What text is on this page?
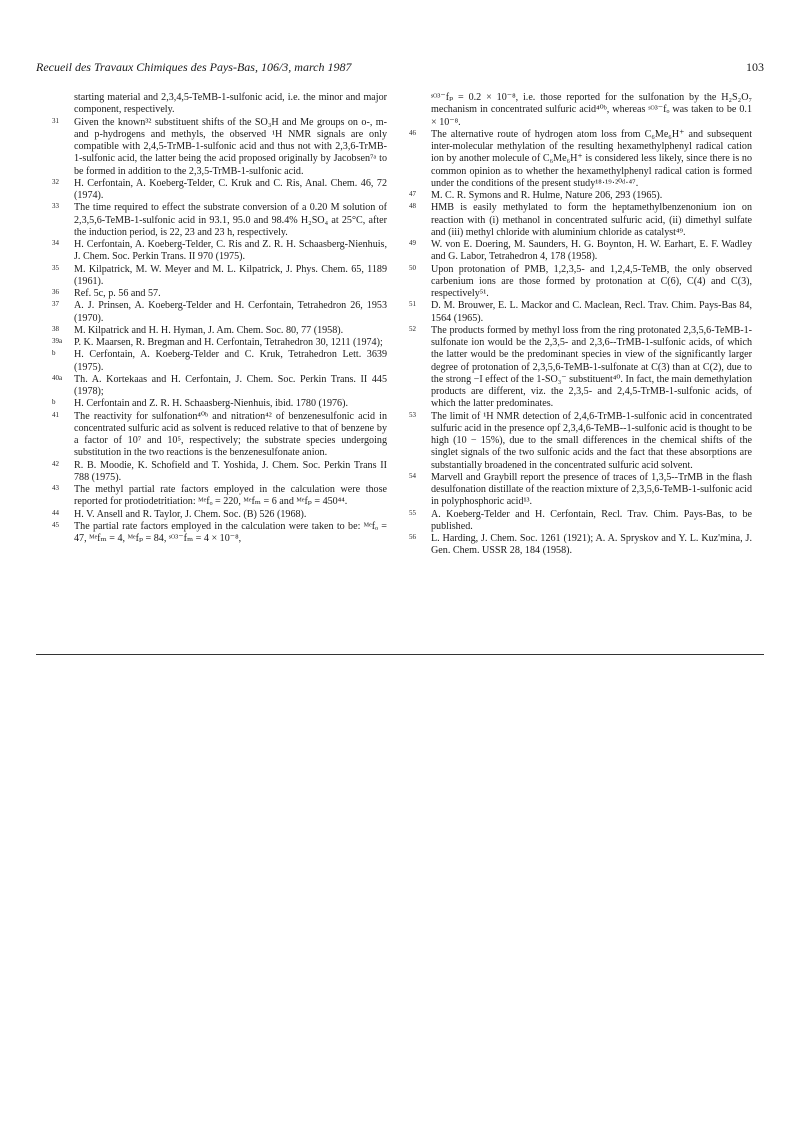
Recueil des Travaux Chimiques des Pays-Bas, 106/3, march 1987	103
starting material and 2,3,4,5-TeMB-1-sulfonic acid, i.e. the minor and major component, respectively.
31	Given the known³² substituent shifts of the SO₃H and Me groups on o-, m- and p-hydrogens and methyls, the observed ¹H NMR signals are only compatible with 2,4,5-TrMB-1-sulfonic acid and thus not with 2,3,6-TrMB-1-sulfonic acid, the latter being the acid proposed originally by Jacobsen⁷ᵃ to be formed in addition to the 2,3,5-TrMB-1-sulfonic acid.
32	H. Cerfontain, A. Koeberg-Telder, C. Kruk and C. Ris, Anal. Chem. 46, 72 (1974).
33	The time required to effect the substrate conversion of a 0.20 M solution of 2,3,5,6-TeMB-1-sulfonic acid in 93.1, 95.0 and 98.4% H₂SO₄ at 25°C, after the induction period, is 22, 23 and 23 h, respectively.
34	H. Cerfontain, A. Koeberg-Telder, C. Ris and Z. R. H. Schaasberg-Nienhuis, J. Chem. Soc. Perkin Trans. II 970 (1975).
35	M. Kilpatrick, M. W. Meyer and M. L. Kilpatrick, J. Phys. Chem. 65, 1189 (1961).
36	Ref. 5c, p. 56 and 57.
37	A. J. Prinsen, A. Koeberg-Telder and H. Cerfontain, Tetrahedron 26, 1953 (1970).
38	M. Kilpatrick and H. H. Hyman, J. Am. Chem. Soc. 80, 77 (1958).
39a	P. K. Maarsen, R. Bregman and H. Cerfontain, Tetrahedron 30, 1211 (1974);
b	H. Cerfontain, A. Koeberg-Telder and C. Kruk, Tetrahedron Lett. 3639 (1975).
40a	Th. A. Kortekaas and H. Cerfontain, J. Chem. Soc. Perkin Trans. II 445 (1978);
b	H. Cerfontain and Z. R. H. Schaasberg-Nienhuis, ibid. 1780 (1976).
41	The reactivity for sulfonation⁴⁰ᵇ and nitration⁴² of benzenesulfonic acid in concentrated sulfuric acid as solvent is reduced relative to that of benzene by a factor of 10⁷ and 10⁵, respectively; the substrate species undergoing substitution in the two reactions is the benzenesulfonate anion.
42	R. B. Moodie, K. Schofield and T. Yoshida, J. Chem. Soc. Perkin Trans II 788 (1975).
43	The methyl partial rate factors employed in the calculation were those reported for protiodetritiation: ᴹᵉfₒ = 220, ᴹᵉfₘ = 6 and ᴹᵉfₚ = 450⁴⁴.
44	H. V. Ansell and R. Taylor, J. Chem. Soc. (B) 526 (1968).
45	The partial rate factors employed in the calculation were taken to be: ᴹᵉfₒ = 47, ᴹᵉfₘ = 4, ᴹᵉfₚ = 84, ˢᴼ³⁻fₘ = 4 × 10⁻⁸,
ˢᴼ³⁻fₚ = 0.2 × 10⁻⁸, i.e. those reported for the sulfonation by the H₂S₂O₇ mechanism in concentrated sulfuric acid⁴⁰ᵇ, whereas ˢᴼ³⁻fₒ was taken to be 0.1 × 10⁻⁸.
46	The alternative route of hydrogen atom loss from C₆Me₆H⁺ and subsequent inter-molecular methylation of the resulting hexamethylphenyl radical cation ion by another molecule of C₆Me₆H⁺ is considered less likely, since there is no common opinion as to whether the hexamethylphenyl radical cation is formed under the conditions of the present study¹⁸·¹⁹·²⁰ᵈ·⁴⁷.
47	M. C. R. Symons and R. Hulme, Nature 206, 293 (1965).
48	HMB is easily methylated to form the heptamethylbenzenonium ion on reaction with (i) methanol in concentrated sulfuric acid, (ii) dimethyl sulfate and (iii) methyl chloride with aluminium chloride as catalyst⁴⁹.
49	W. von E. Doering, M. Saunders, H. G. Boynton, H. W. Earhart, E. F. Wadley and G. Labor, Tetrahedron 4, 178 (1958).
50	Upon protonation of PMB, 1,2,3,5- and 1,2,4,5-TeMB, the only observed carbenium ions are those formed by protonation at C(6), C(4) and C(3), respectively⁵¹.
51	D. M. Brouwer, E. L. Mackor and C. Maclean, Recl. Trav. Chim. Pays-Bas 84, 1564 (1965).
52	The products formed by methyl loss from the ring protonated 2,3,5,6-TeMB-1-sulfonate ion would be the 2,3,5- and 2,3,6--TrMB-1-sulfonic acids, of which the latter would be the predominant species in view of the significantly larger degree of protonation of 2,3,5,6-TeMB-1-sulfonate at C(3) than at C(2), due to the strong −I effect of the 1-SO₃⁻ substituent⁴⁰. In fact, the main demethylation products are different, viz. the 2,3,5- and 2,4,5-TrMB-1-sulfonic acids, of which the latter predominates.
53	The limit of ¹H NMR detection of 2,4,6-TrMB-1-sulfonic acid in concentrated sulfuric acid in the presence opf 2,3,4,6-TeMB--1-sulfonic acid is thought to be high (10 − 15%), due to the small differences in the chemical shifts of the singlet signals of the two sulfonic acids and the fact that these absorptions are substantially broadened in the concentrated sulfuric acid solvent.
54	Marvell and Graybill report the presence of traces of 1,3,5--TrMB in the flash desulfonation distillate of the reaction mixture of 2,3,5,6-TeMB-1-sulfonic acid in polyphosphoric acid¹³.
55	A. Koeberg-Telder and H. Cerfontain, Recl. Trav. Chim. Pays-Bas, to be published.
56	L. Harding, J. Chem. Soc. 1261 (1921); A. A. Spryskov and Y. L. Kuz'mina, J. Gen. Chem. USSR 28, 184 (1958).
